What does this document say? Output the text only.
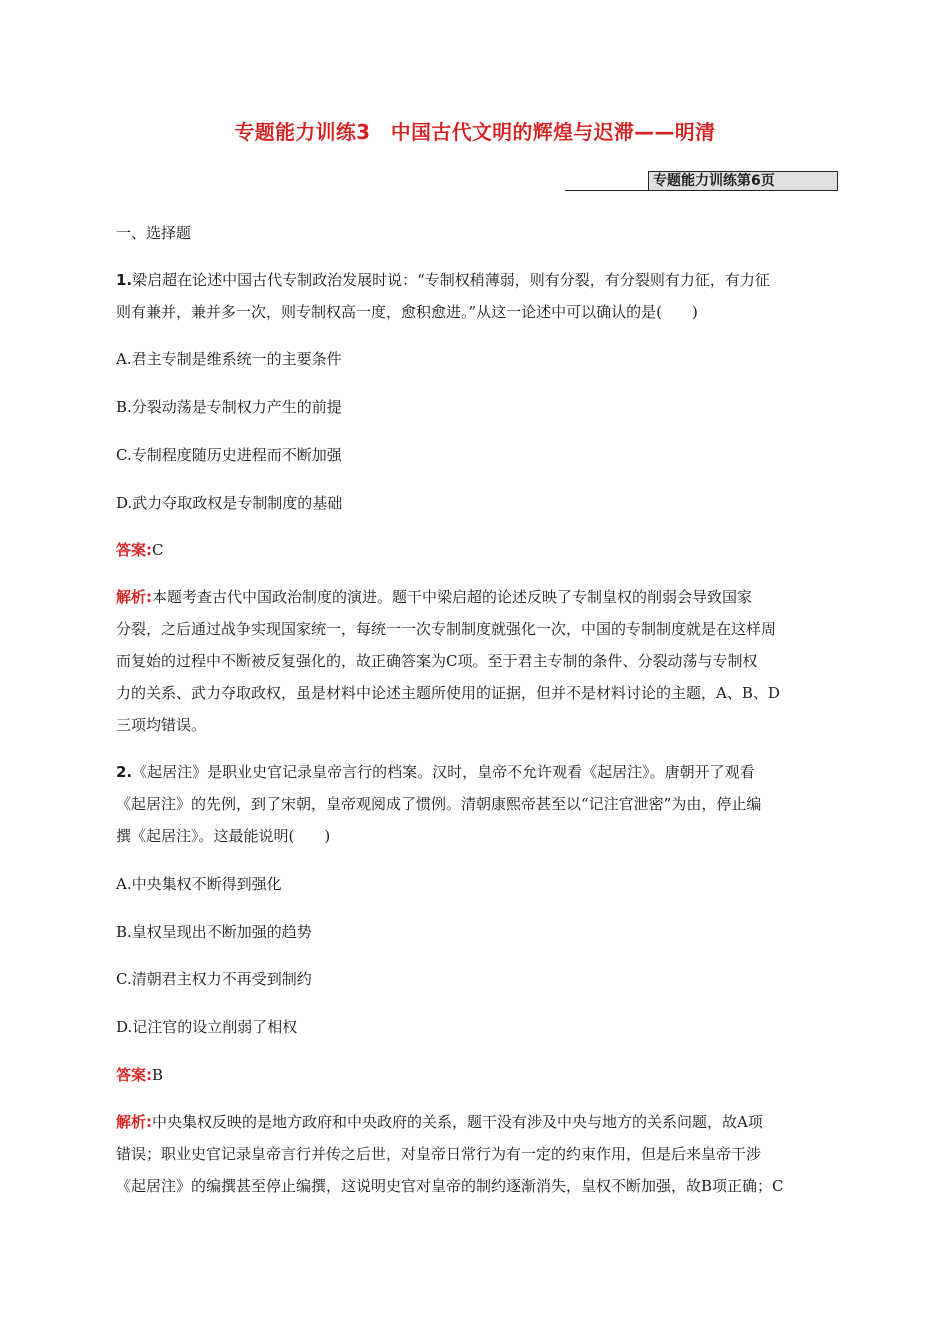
专题能力训练3　中国古代文明的辉煌与迟滞——明清
专题能力训练第6页
一、选择题
1.梁启超在论述中国古代专制政治发展时说：“专制权稍薄弱，则有分裂，有分裂则有力征，有力征
则有兼并，兼并多一次，则专制权高一度，愈积愈进。”从这一论述中可以确认的是(　　)
A.君主专制是维系统一的主要条件
B.分裂动荡是专制权力产生的前提
C.专制程度随历史进程而不断加强
D.武力夺取政权是专制制度的基础
答案:C
解析:本题考查古代中国政治制度的演进。题干中梁启超的论述反映了专制皇权的削弱会导致国家
分裂，之后通过战争实现国家统一，每统一一次专制制度就强化一次，中国的专制制度就是在这样周
而复始的过程中不断被反复强化的，故正确答案为C项。至于君主专制的条件、分裂动荡与专制权
力的关系、武力夺取政权，虽是材料中论述主题所使用的证据，但并不是材料讨论的主题，A、B、D
三项均错误。
2.《起居注》是职业史官记录皇帝言行的档案。汉时，皇帝不允许观看《起居注》。唐朝开了观看
《起居注》的先例，到了宋朝，皇帝观阅成了惯例。清朝康熙帝甚至以“记注官泄密”为由，停止编
撰《起居注》。这最能说明(　　)
A.中央集权不断得到强化
B.皇权呈现出不断加强的趋势
C.清朝君主权力不再受到制约
D.记注官的设立削弱了相权
答案:B
解析:中央集权反映的是地方政府和中央政府的关系，题干没有涉及中央与地方的关系问题，故A项
错误；职业史官记录皇帝言行并传之后世，对皇帝日常行为有一定的约束作用，但是后来皇帝干涉
《起居注》的编撰甚至停止编撰，这说明史官对皇帝的制约逐渐消失，皇权不断加强，故B项正确；C
